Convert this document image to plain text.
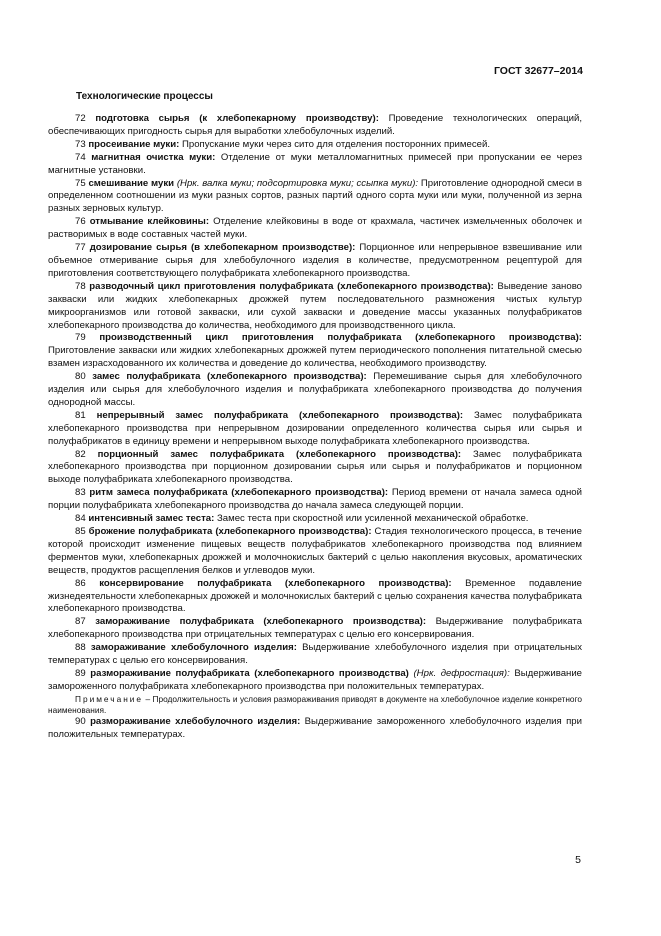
ГОСТ 32677–2014
Технологические процессы

72 подготовка сырья (к хлебопекарному производству): Проведение технологических операций, обеспечивающих пригодность сырья для выработки хлебобулочных изделий.

73 просеивание муки: Пропускание муки через сито для отделения посторонних примесей.

74 магнитная очистка муки: Отделение от муки металломагнитных примесей при пропускании ее через магнитные установки.

75 смешивание муки (Нрк. валка муки; подсортировка муки; ссыпка муки): Приготовление однородной смеси в определенном соотношении из муки разных сортов, разных партий одного сорта муки или муки, полученной из зерна разных зерновых культур.

76 отмывание клейковины: Отделение клейковины в воде от крахмала, частичек измельченных оболочек и растворимых в воде составных частей муки.

77 дозирование сырья (в хлебопекарном производстве): Порционное или непрерывное взвешивание или объемное отмеривание сырья для хлебобулочного изделия в количестве, предусмотренном рецептурой для приготовления соответствующего полуфабриката хлебопекарного производства.

78 разводочный цикл приготовления полуфабриката (хлебопекарного производства): Выведение заново закваски или жидких хлебопекарных дрожжей путем последовательного размножения чистых культур микроорганизмов или готовой закваски, или сухой закваски и доведение массы указанных полуфабрикатов хлебопекарного производства до количества, необходимого для производственного цикла.

79 производственный цикл приготовления полуфабриката (хлебопекарного производства): Приготовление закваски или жидких хлебопекарных дрожжей путем периодического пополнения питательной смесью взамен израсходованного их количества и доведение до количества, необходимого производству.

80 замес полуфабриката (хлебопекарного производства): Перемешивание сырья для хлебобулочного изделия или сырья для хлебобулочного изделия и полуфабриката хлебопекарного производства до получения однородной массы.

81 непрерывный замес полуфабриката (хлебопекарного производства): Замес полуфабриката хлебопекарного производства при непрерывном дозировании определенного количества сырья или сырья и полуфабрикатов в единицу времени и непрерывном выходе полуфабриката хлебопекарного производства.

82 порционный замес полуфабриката (хлебопекарного производства): Замес полуфабриката хлебопекарного производства при порционном дозировании сырья или сырья и полуфабрикатов и порционном выходе полуфабриката хлебопекарного производства.

83 ритм замеса полуфабриката (хлебопекарного производства): Период времени от начала замеса одной порции полуфабриката хлебопекарного производства до начала замеса следующей порции.

84 интенсивный замес теста: Замес теста при скоростной или усиленной механической обработке.

85 брожение полуфабриката (хлебопекарного производства): Стадия технологического процесса, в течение которой происходит изменение пищевых веществ полуфабрикатов хлебопекарного производства под влиянием ферментов муки, хлебопекарных дрожжей и молочнокислых бактерий с целью накопления вкусовых, ароматических веществ, продуктов расщепления белков и углеводов муки.

86 консервирование полуфабриката (хлебопекарного производства): Временное подавление жизнедеятельности хлебопекарных дрожжей и молочнокислых бактерий с целью сохранения качества полуфабриката хлебопекарного производства.

87 замораживание полуфабриката (хлебопекарного производства): Выдерживание полуфабриката хлебопекарного производства при отрицательных температурах с целью его консервирования.

88 замораживание хлебобулочного изделия: Выдерживание хлебобулочного изделия при отрицательных температурах с целью его консервирования.

89 размораживание полуфабриката (хлебопекарного производства) (Нрк. дефростация): Выдерживание замороженного полуфабриката хлебопекарного производства при положительных температурах.

Примечание – Продолжительность и условия размораживания приводят в документе на хлебобулочное изделие конкретного наименования.

90 размораживание хлебобулочного изделия: Выдерживание замороженного хлебобулочного изделия при положительных температурах.

5
